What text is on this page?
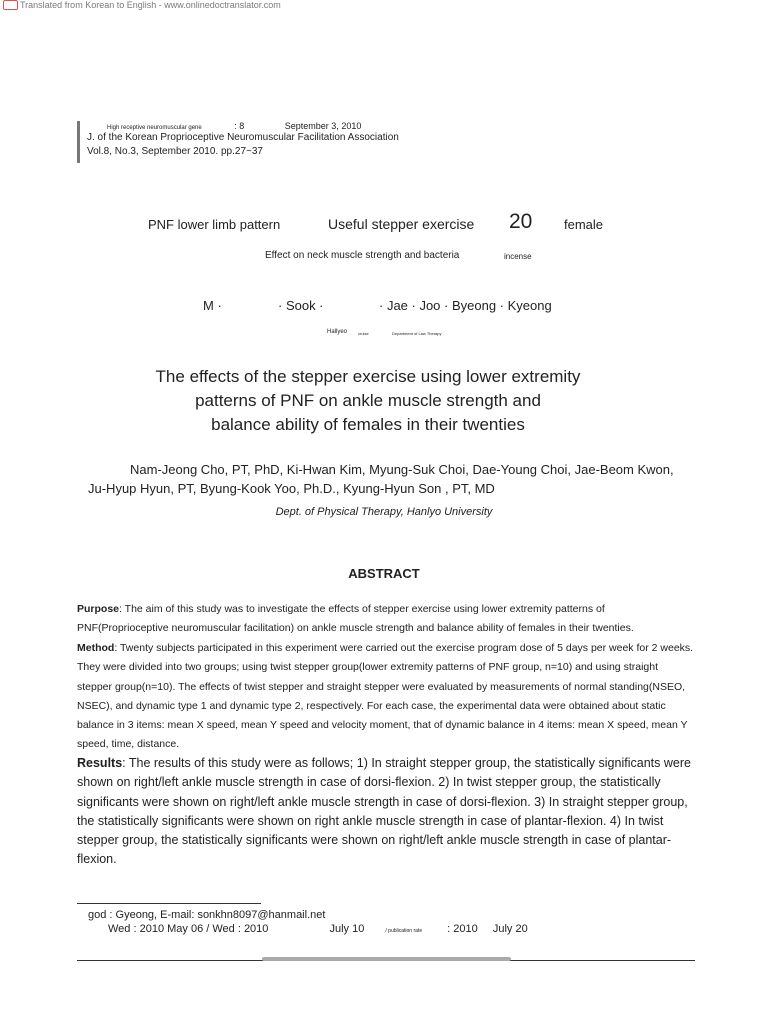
Translated from Korean to English - www.onlinedoctranslator.com
High receptive neuromuscular gene	: 8	September 3, 2010
J. of the Korean Proprioceptive Neuromuscular Facilitation Association
Vol.8, No.3, September 2010. pp.27~37
PNF lower limb pattern	Useful stepper exercise 20 female
Effect on neck muscle strength and bacteria	incense
M ·	· Sook ·	· Jae · Joo · Byeong · Kyeong
Hallyeo	cruise	Department of Law Therapy
The effects of the stepper exercise using lower extremity
patterns of PNF on ankle muscle strength and
balance ability of females in their twenties
Nam-Jeong Cho, PT, PhD, Ki-Hwan Kim, Myung-Suk Choi, Dae-Young Choi, Jae-Beom Kwon, Ju-Hyup Hyun, PT, Byung-Kook Yoo, Ph.D., Kyung-Hyun Son , PT, MD
Dept. of Physical Therapy, Hanlyo University
ABSTRACT
Purpose: The aim of this study was to investigate the effects of stepper exercise using lower extremity patterns of PNF(Proprioceptive neuromuscular facilitation) on ankle muscle strength and balance ability of females in their twenties.
Method: Twenty subjects participated in this experiment were carried out the exercise program dose of 5 days per week for 2 weeks. They were divided into two groups; using twist stepper group(lower extremity patterns of PNF group, n=10) and using straight stepper group(n=10). The effects of twist stepper and straight stepper were evaluated by measurements of normal standing(NSEO, NSEC), and dynamic type 1 and dynamic type 2, respectively. For each case, the experimental data were obtained about static balance in 3 items: mean X speed, mean Y speed and velocity moment, that of dynamic balance in 4 items: mean X speed, mean Y speed, time, distance.
Results: The results of this study were as follows; 1) In straight stepper group, the statistically significants were shown on right/left ankle muscle strength in case of dorsi-flexion. 2) In twist stepper group, the statistically significants were shown on right/left ankle muscle strength in case of dorsi-flexion. 3) In straight stepper group, the statistically significants were shown on right ankle muscle strength in case of plantar-flexion. 4) In twist stepper group, the statistically significants were shown on right/left ankle muscle strength in case of plantar-flexion.
god : Gyeong, E-mail: sonkhn8097@hanmail.net
Wed : 2010 May 06 / Wed : 2010	July 10	/ publication rate : 2010 July 20
